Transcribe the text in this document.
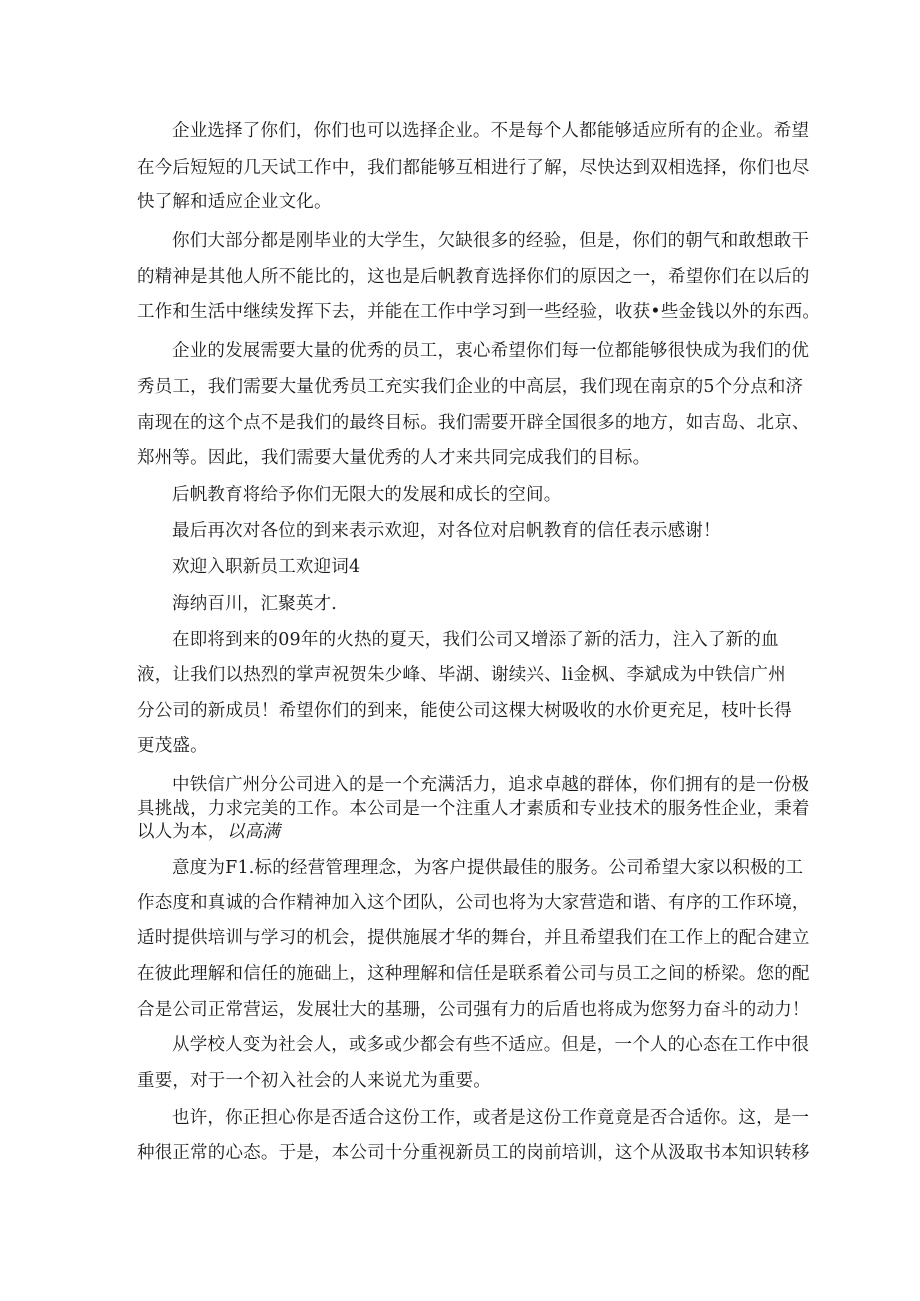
企业选择了你们，你们也可以选择企业。不是每个人都能够适应所有的企业。希望
在今后短短的几天试工作中，我们都能够互相进行了解，尽快达到双相选择，你们也尽
快了解和适应企业文化。
你们大部分都是刚毕业的大学生，欠缺很多的经验，但是，你们的朝气和敢想敢干
的精神是其他人所不能比的，这也是后帆教育选择你们的原因之一，希望你们在以后的
工作和生活中继续发挥下去，并能在工作中学习到一些经验，收获•些金钱以外的东西。
企业的发展需要大量的优秀的员工，衷心希望你们每一位都能够很快成为我们的优
秀员工，我们需要大量优秀员工充实我们企业的中高层，我们现在南京的5个分点和济
南现在的这个点不是我们的最终目标。我们需要开辟全国很多的地方，如吉岛、北京、
郑州等。因此，我们需要大量优秀的人才来共同完成我们的目标。
后帆教育将给予你们无限大的发展和成长的空间。
最后再次对各位的到来表示欢迎，对各位对启帆教育的信任表示感谢！
欢迎入职新员工欢迎词4
海纳百川，汇聚英才.
在即将到来的09年的火热的夏天，我们公司又增添了新的活力，注入了新的血
液，让我们以热烈的掌声祝贺朱少峰、毕湖、谢续兴、li金枫、李斌成为中铁信广州
分公司的新成员！希望你们的到来，能使公司这棵大树吸收的水价更充足，枝叶长得
更茂盛。
中铁信广州分公司进入的是一个充满活力，追求卓越的群体，你们拥有的是一份极
具挑战，力求完美的工作。本公司是一个注重人才素质和专业技术的服务性企业，秉着
以人为本， 以高满
意度为F1.标的经营管理理念，为客户提供最佳的服务。公司希望大家以积极的工
作态度和真诚的合作精神加入这个团队，公司也将为大家营造和谐、有序的工作环境，
适时提供培训与学习的机会，提供施展才华的舞台，并且希望我们在工作上的配合建立
在彼此理解和信任的施础上，这种理解和信任是联系着公司与员工之间的桥梁。您的配
合是公司正常营运，发展壮大的基珊，公司强有力的后盾也将成为您努力奋斗的动力！
从学校人变为社会人，或多或少都会有些不适应。但是，一个人的心态在工作中很
重要，对于一个初入社会的人来说尤为重要。
也许，你正担心你是否适合这份工作，或者是这份工作竟竟是否合适你。这，是一
种很正常的心态。于是，本公司十分重视新员工的岗前培训，这个从汲取书本知识转移
